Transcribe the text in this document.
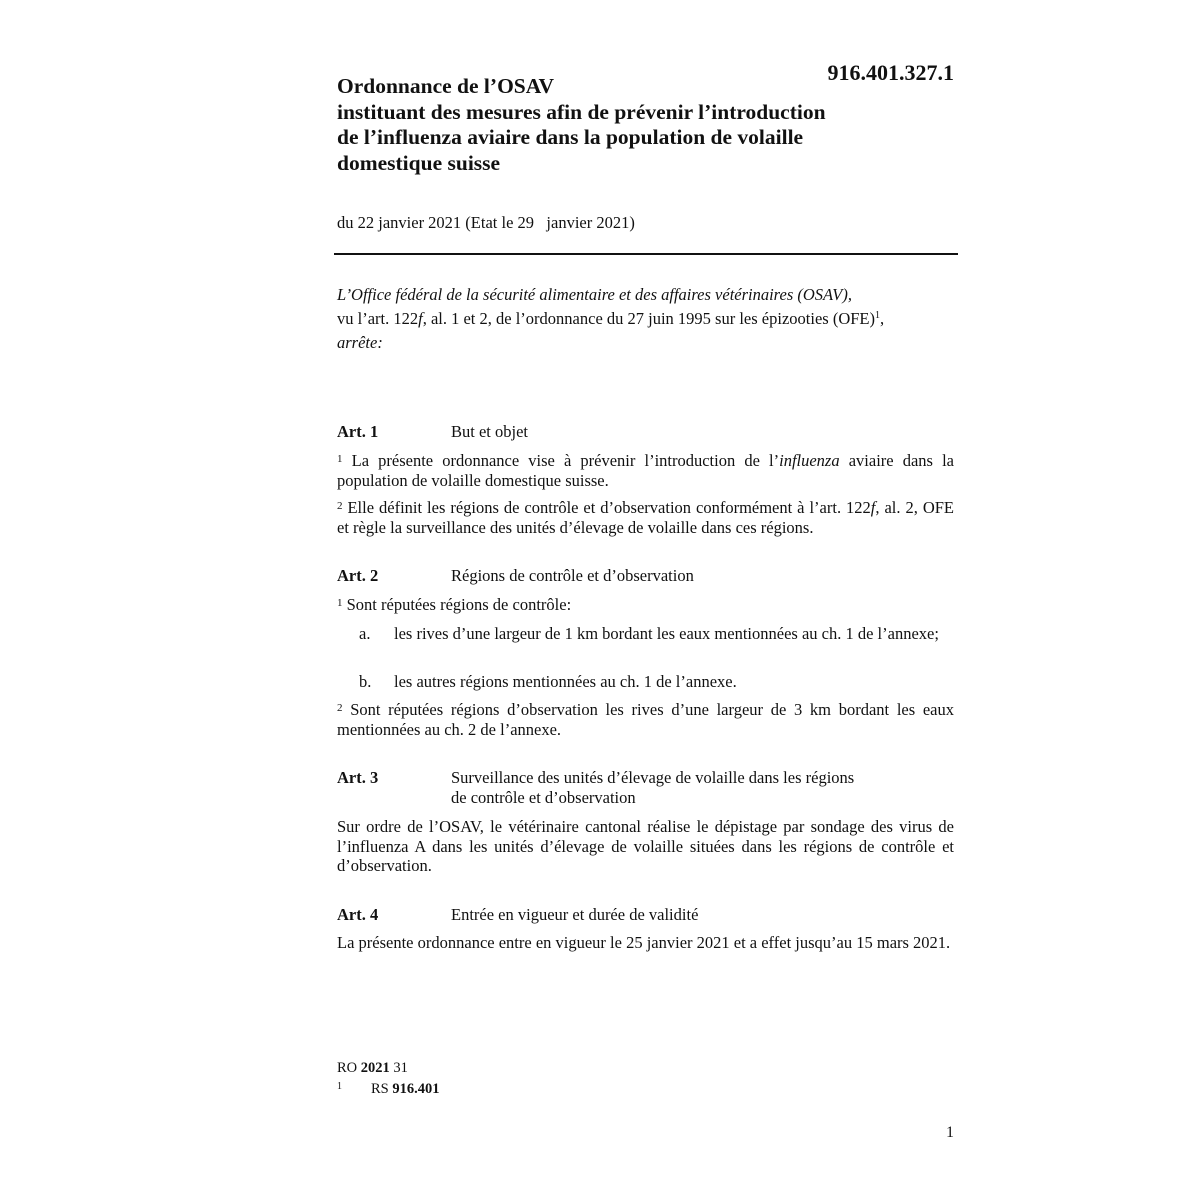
916.401.327.1
Ordonnance de l’OSAV
instituant des mesures afin de prévenir l’introduction
de l’influenza aviaire dans la population de volaille
domestique suisse
du 22 janvier 2021 (Etat le 29   janvier 2021)
L’Office fédéral de la sécurité alimentaire et des affaires vétérinaires (OSAV),
vu l’art. 122f, al. 1 et 2, de l’ordonnance du 27 juin 1995 sur les épizooties (OFE)$^1$,
arrête:
Art. 1	But et objet
$^1$ La présente ordonnance vise à prévenir l’introduction de l’influenza aviaire dans la population de volaille domestique suisse.
$^2$ Elle définit les régions de contrôle et d’observation conformément à l’art. 122f, al. 2, OFE et règle la surveillance des unités d’élevage de volaille dans ces régions.
Art. 2	Régions de contrôle et d’observation
$^1$ Sont réputées régions de contrôle:
a. les rives d’une largeur de 1 km bordant les eaux mentionnées au ch. 1 de l’annexe;
b. les autres régions mentionnées au ch. 1 de l’annexe.
$^2$ Sont réputées régions d’observation les rives d’une largeur de 3 km bordant les eaux mentionnées au ch. 2 de l’annexe.
Art. 3	Surveillance des unités d’élevage de volaille dans les régions
de contrôle et d’observation
Sur ordre de l’OSAV, le vétérinaire cantonal réalise le dépistage par sondage des virus de l’influenza A dans les unités d’élevage de volaille situées dans les régions de contrôle et d’observation.
Art. 4	Entrée en vigueur et durée de validité
La présente ordonnance entre en vigueur le 25 janvier 2021 et a effet jusqu’au 15 mars 2021.
RO 2021 31
1 RS 916.401
1
